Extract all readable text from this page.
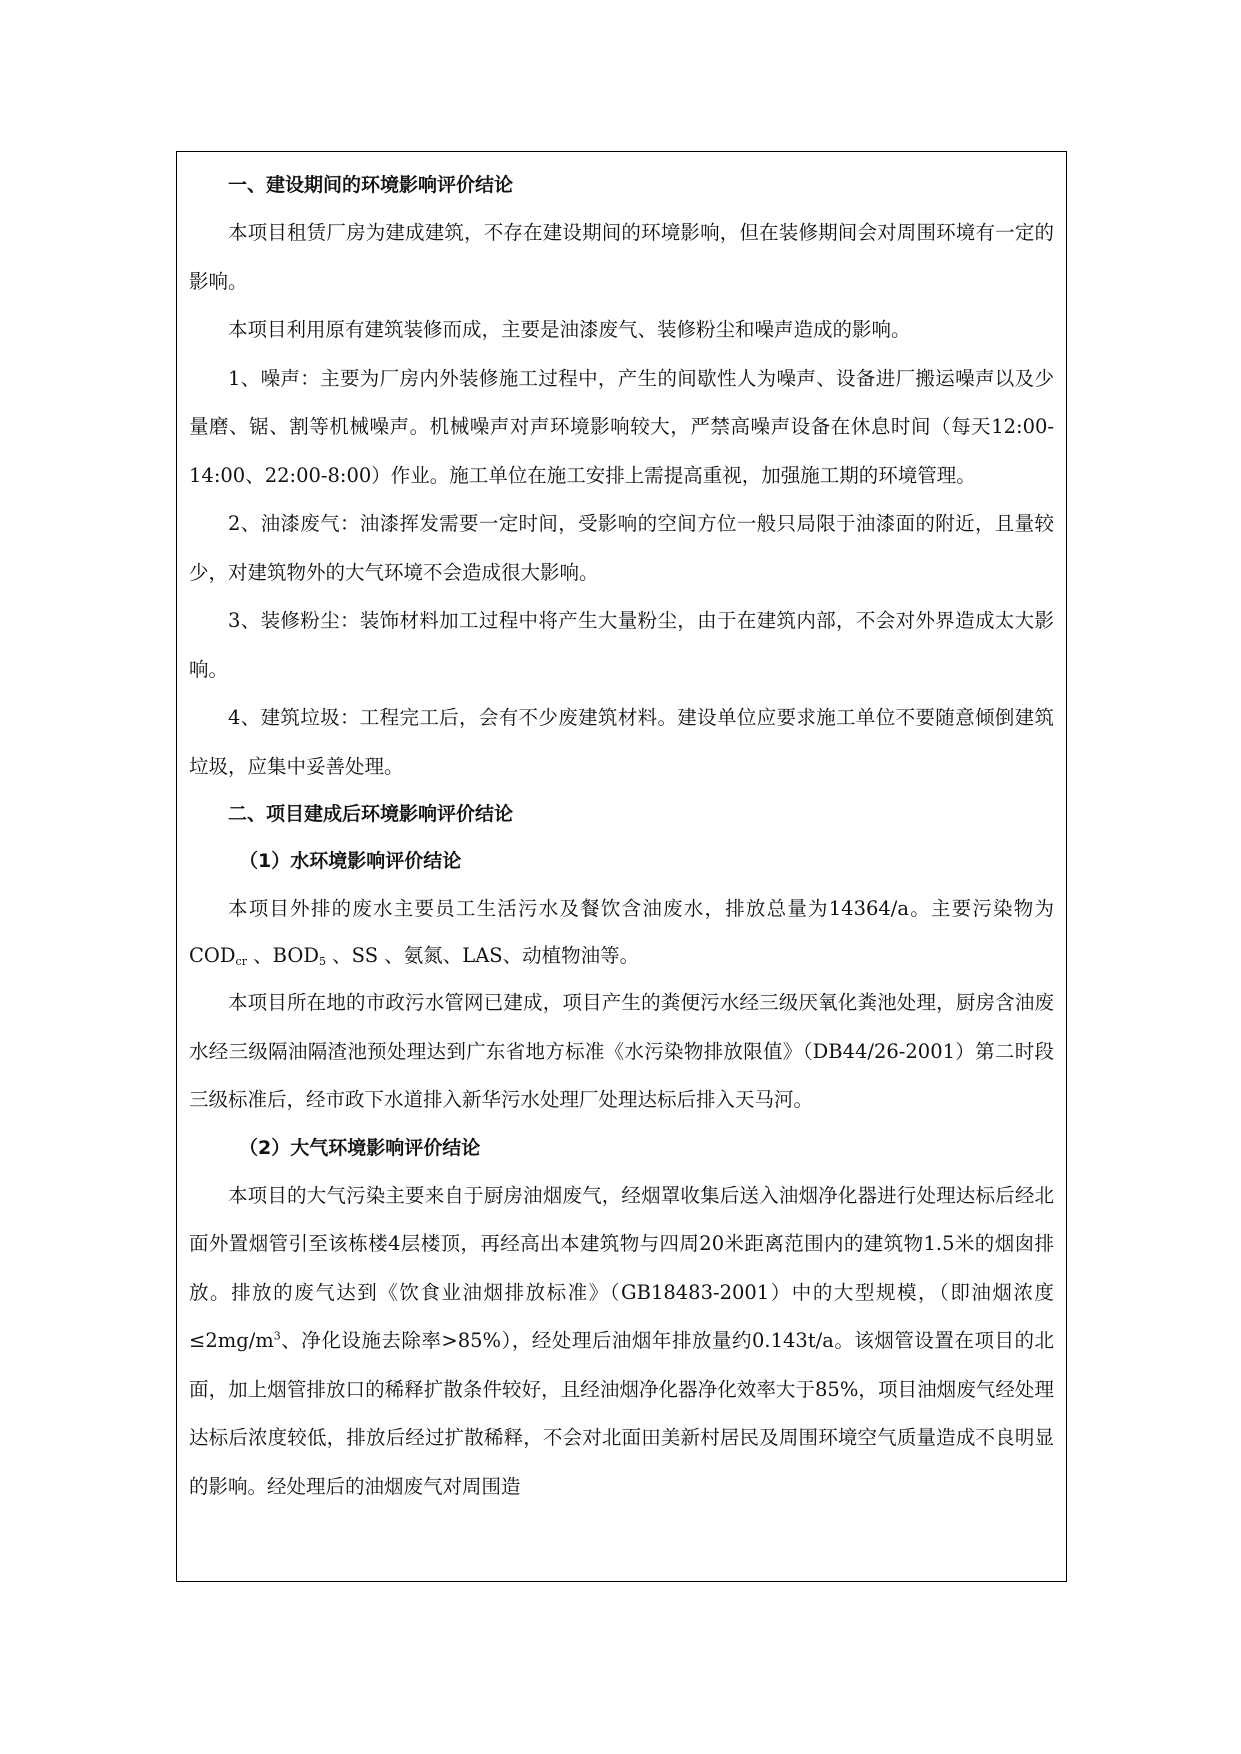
一、建设期间的环境影响评价结论

本项目租赁厂房为建成建筑，不存在建设期间的环境影响，但在装修期间会对周围环境有一定的影响。

本项目利用原有建筑装修而成，主要是油漆废气、装修粉尘和噪声造成的影响。

1、噪声：主要为厂房内外装修施工过程中，产生的间歇性人为噪声、设备进厂搬运噪声以及少量磨、锯、割等机械噪声。机械噪声对声环境影响较大，严禁高噪声设备在休息时间（每天12:00-14:00、22:00-8:00）作业。施工单位在施工安排上需提高重视，加强施工期的环境管理。

2、油漆废气：油漆挥发需要一定时间，受影响的空间方位一般只局限于油漆面的附近，且量较少，对建筑物外的大气环境不会造成很大影响。

3、装修粉尘：装饰材料加工过程中将产生大量粉尘，由于在建筑内部，不会对外界造成太大影响。

4、建筑垃圾：工程完工后，会有不少废建筑材料。建设单位应要求施工单位不要随意倾倒建筑垃圾，应集中妥善处理。

二、项目建成后环境影响评价结论

（1）水环境影响评价结论

本项目外排的废水主要员工生活污水及餐饮含油废水，排放总量为14364/a。主要污染物为$COD_{cr}$ 、$BOD_5$ 、SS 、氨氮、LAS、动植物油等。

本项目所在地的市政污水管网已建成，项目产生的粪便污水经三级厌氧化粪池处理，厨房含油废水经三级隔油隔渣池预处理达到广东省地方标准《水污染物排放限值》（DB44/26-2001）第二时段三级标准后，经市政下水道排入新华污水处理厂处理达标后排入天马河。

（2）大气环境影响评价结论

本项目的大气污染主要来自于厨房油烟废气，经烟罩收集后送入油烟净化器进行处理达标后经北面外置烟管引至该栋楼4层楼顶，再经高出本建筑物与四周20米距离范围内的建筑物1.5米的烟囱排放。排放的废气达到《饮食业油烟排放标准》（GB18483-2001）中的大型规模，（即油烟浓度$\le 2mg/m^3$、净化设施去除率>85%），经处理后油烟年排放量约0.143t/a。该烟管设置在项目的北面，加上烟管排放口的稀释扩散条件较好，且经油烟净化器净化效率大于85%，项目油烟废气经处理达标后浓度较低，排放后经过扩散稀释，不会对北面田美新村居民及周围环境空气质量造成不良明显的影响。经处理后的油烟废气对周围造
